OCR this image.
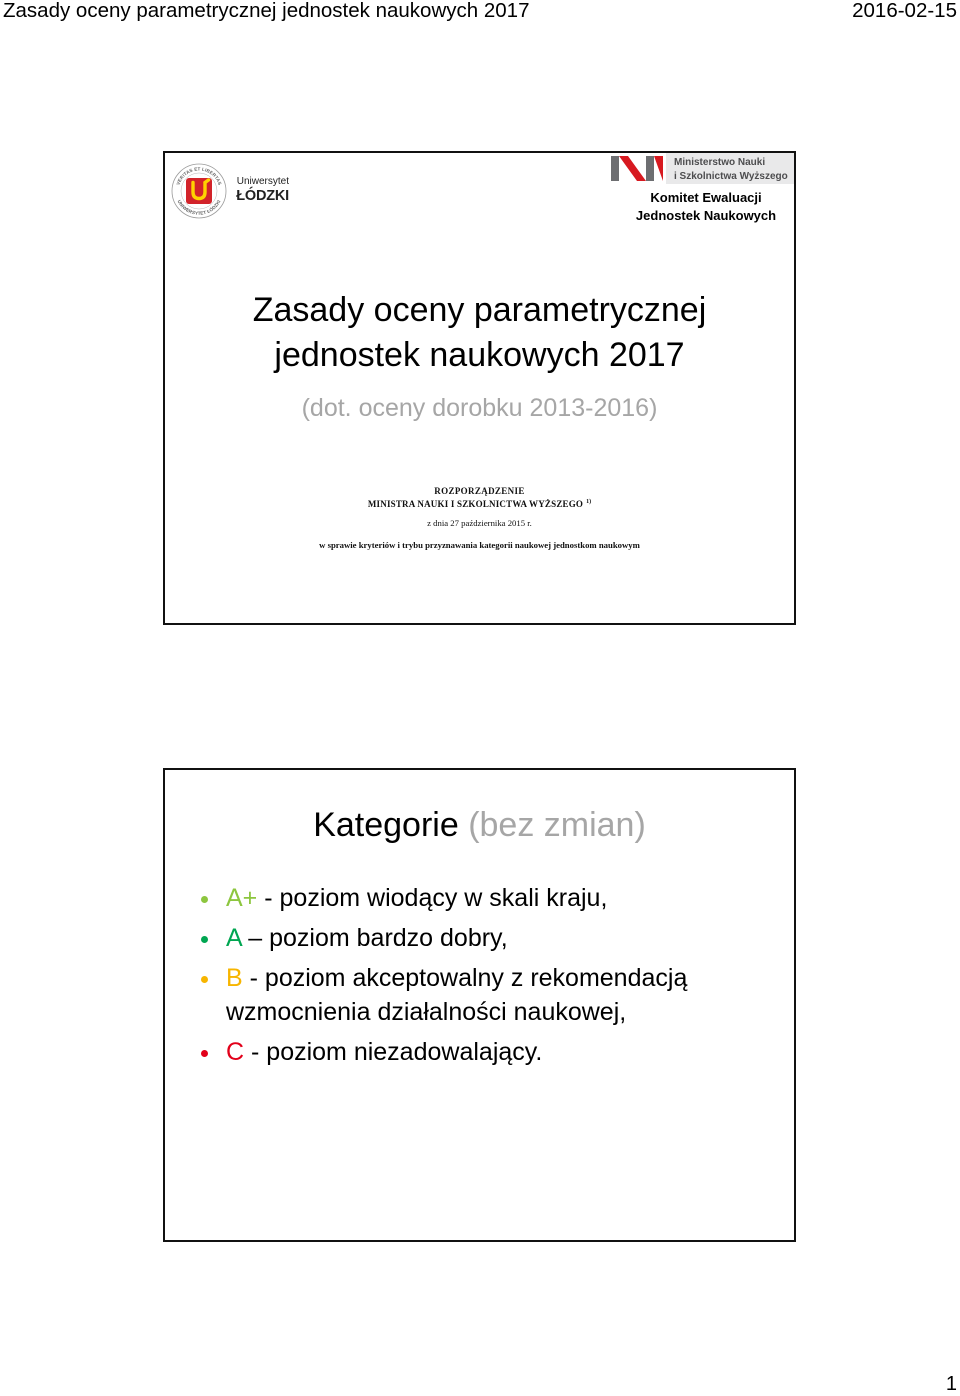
Zasady oceny parametrycznej jednostek naukowych 2017	2016-02-15
VERITAS ET LIBERTAS
UNIWERSYTET ŁÓDZKI
Uniwersytet
ŁÓDZKI
Ministerstwo Nauki
i Szkolnictwa Wyższego
Komitet Ewaluacji
Jednostek Naukowych
Zasady oceny parametrycznej
jednostek naukowych 2017
(dot. oceny dorobku 2013-2016)
ROZPORZĄDZENIE
MINISTRA NAUKI I SZKOLNICTWA WYŻSZEGO $^{1)}$
z dnia 27 października 2015 r.
w sprawie kryteriów i trybu przyznawania kategorii naukowej jednostkom naukowym
Kategorie (bez zmian)
A+ - poziom wiodący w skali kraju,
A – poziom bardzo dobry,
B - poziom akceptowalny z rekomendacją wzmocnienia działalności naukowej,
C - poziom niezadowalający.
1
